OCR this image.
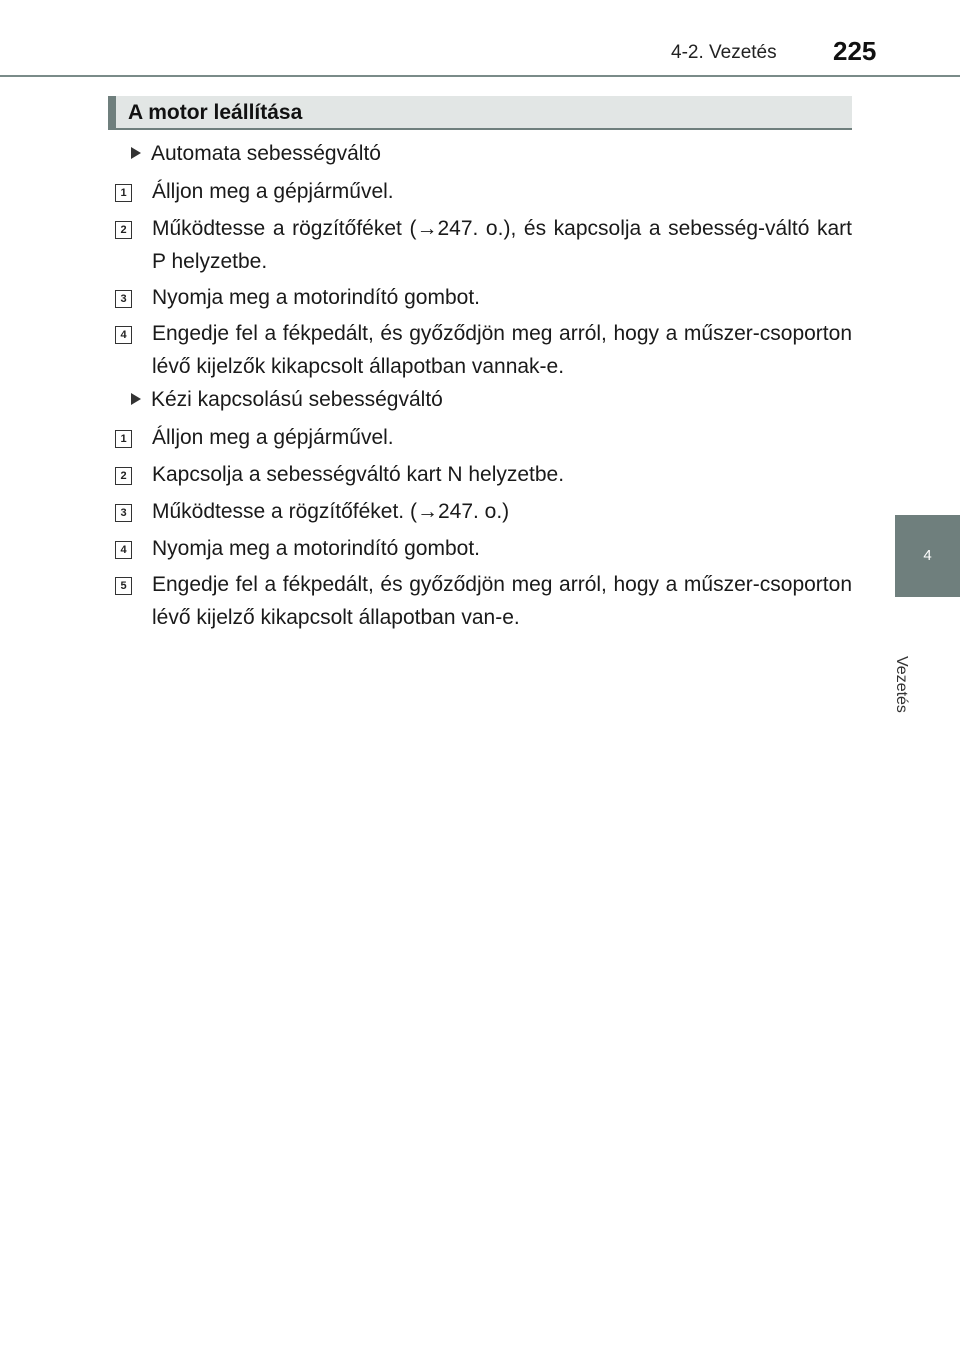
4-2. Vezetés 225
4
Vezetés
A motor leállítása
Automata sebességváltó
1 Álljon meg a gépjárművel.
2 Működtesse a rögzítőféket (→247. o.), és kapcsolja a sebesség-váltó kart P helyzetbe.
3 Nyomja meg a motorindító gombot.
4 Engedje fel a fékpedált, és győződjön meg arról, hogy a műszer-csoporton lévő kijelzők kikapcsolt állapotban vannak-e.
Kézi kapcsolású sebességváltó
1 Álljon meg a gépjárművel.
2 Kapcsolja a sebességváltó kart N helyzetbe.
3 Működtesse a rögzítőféket. (→247. o.)
4 Nyomja meg a motorindító gombot.
5 Engedje fel a fékpedált, és győződjön meg arról, hogy a műszer-csoporton lévő kijelző kikapcsolt állapotban van-e.
